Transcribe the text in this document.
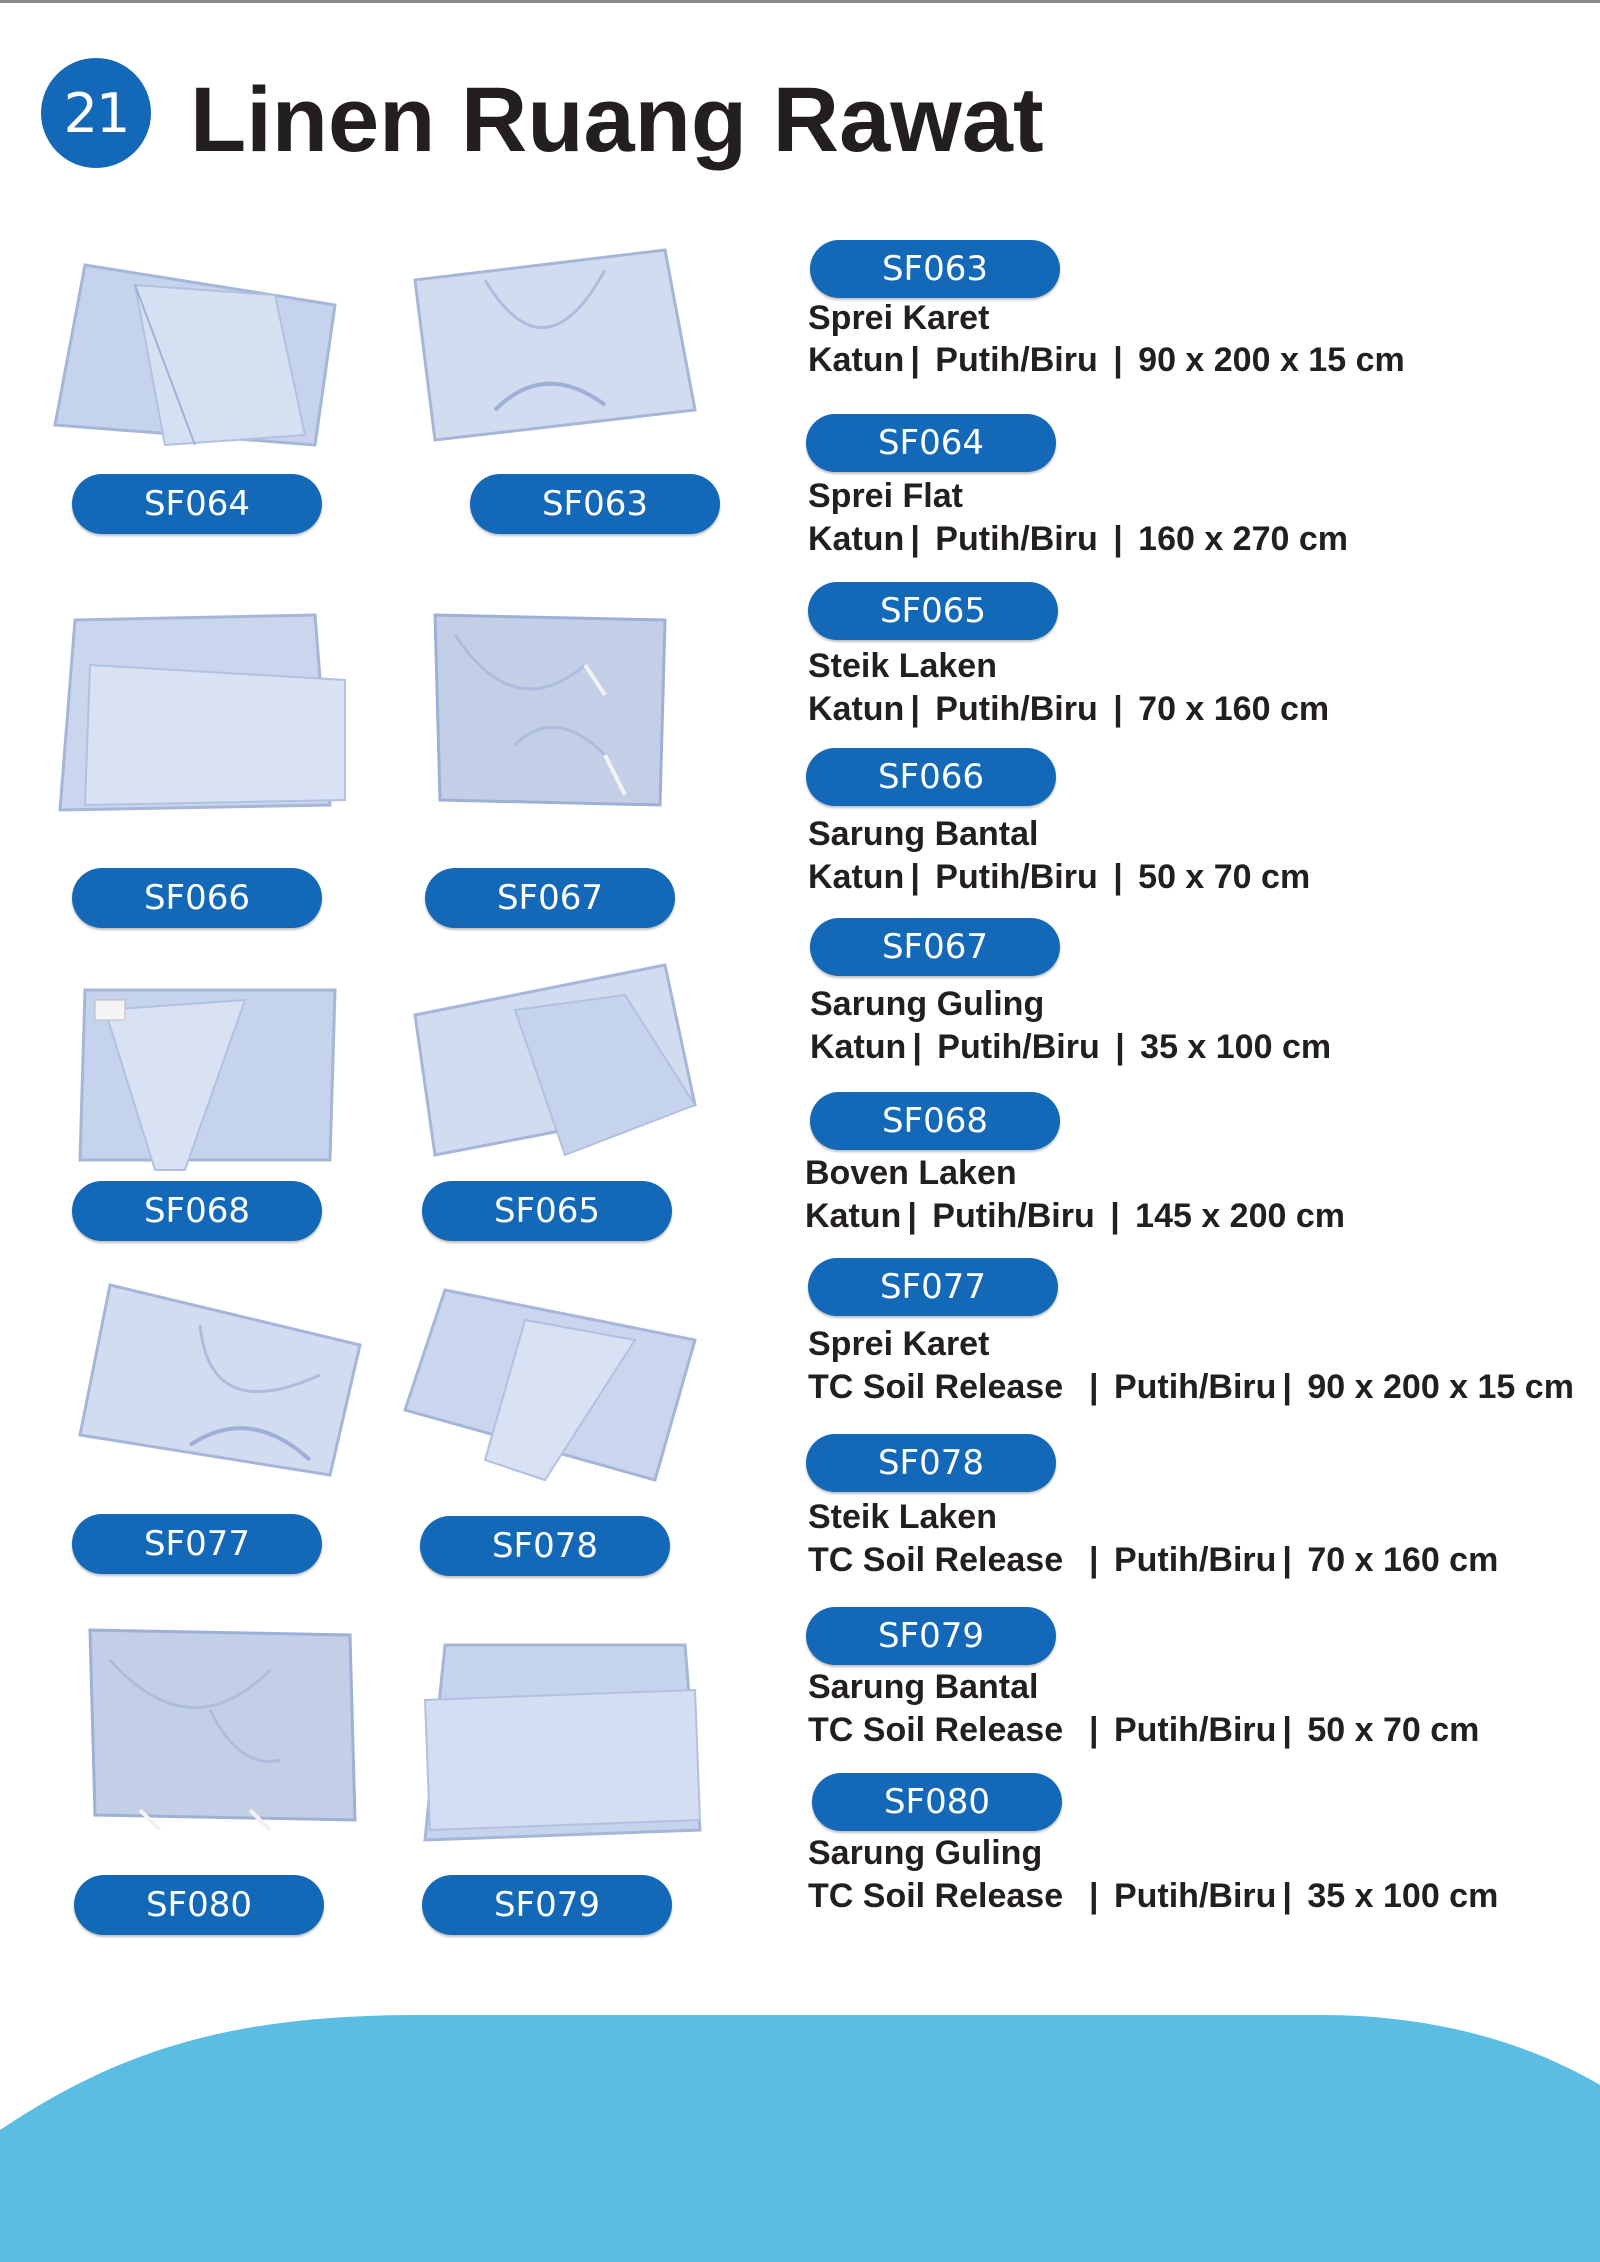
21 Linen Ruang Rawat
SF064	SF063
SF066	SF067
SF068	SF065
SF077	SF078
SF080	SF079
SF063
Sprei Karet
Katun | Putih/Biru | 90 x 200 x 15 cm
SF064
Sprei Flat
Katun | Putih/Biru | 160 x 270 cm
SF065
Steik Laken
Katun | Putih/Biru | 70 x 160 cm
SF066
Sarung Bantal
Katun | Putih/Biru | 50 x 70 cm
SF067
Sarung Guling
Katun | Putih/Biru | 35 x 100 cm
SF068
Boven Laken
Katun | Putih/Biru | 145 x 200 cm
SF077
Sprei Karet
TC Soil Release | Putih/Biru | 90 x 200 x 15 cm
SF078
Steik Laken
TC Soil Release | Putih/Biru | 70 x 160 cm
SF079
Sarung Bantal
TC Soil Release | Putih/Biru | 50 x 70 cm
SF080
Sarung Guling
TC Soil Release | Putih/Biru | 35 x 100 cm
